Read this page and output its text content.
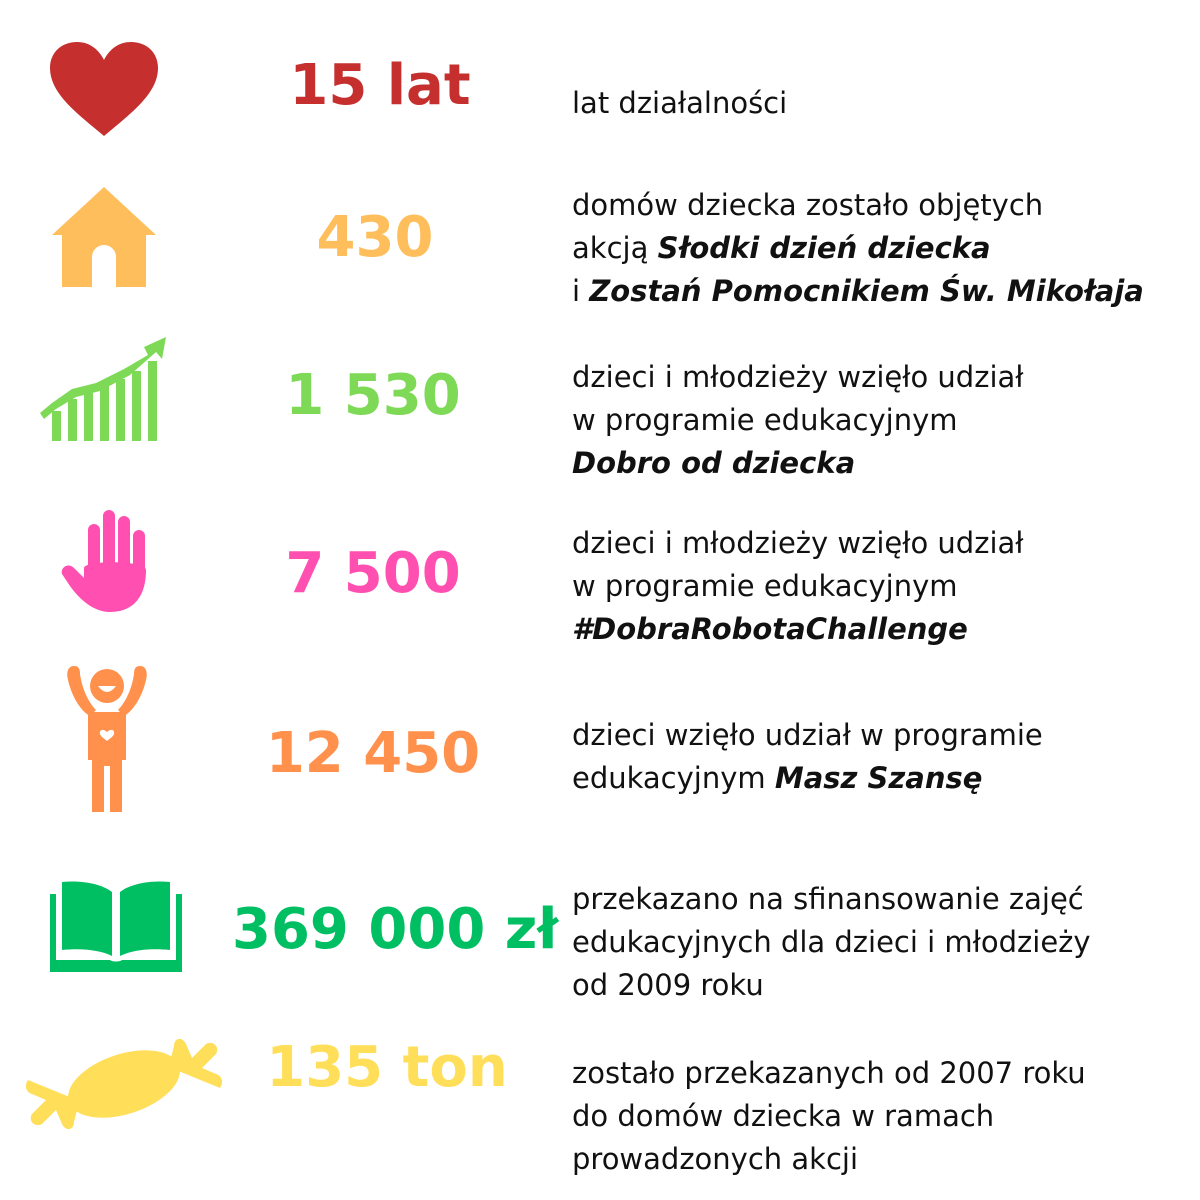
15 lat	lat działalności
430	domów dziecka zostało objętych
akcją Słodki dzień dziecka
i Zostań Pomocnikiem Św. Mikołaja
1 530	dzieci i młodzieży wzięło udział
w programie edukacyjnym
Dobro od dziecka
7 500	dzieci i młodzieży wzięło udział
w programie edukacyjnym
#DobraRobotaChallenge
12 450	dzieci wzięło udział w programie
edukacyjnym Masz Szansę
369 000 zł przekazano na sfinansowanie zajęć
edukacyjnych dla dzieci i młodzieży
od 2009 roku
135 ton	zostało przekazanych od 2007 roku
do domów dziecka w ramach
prowadzonych akcji
